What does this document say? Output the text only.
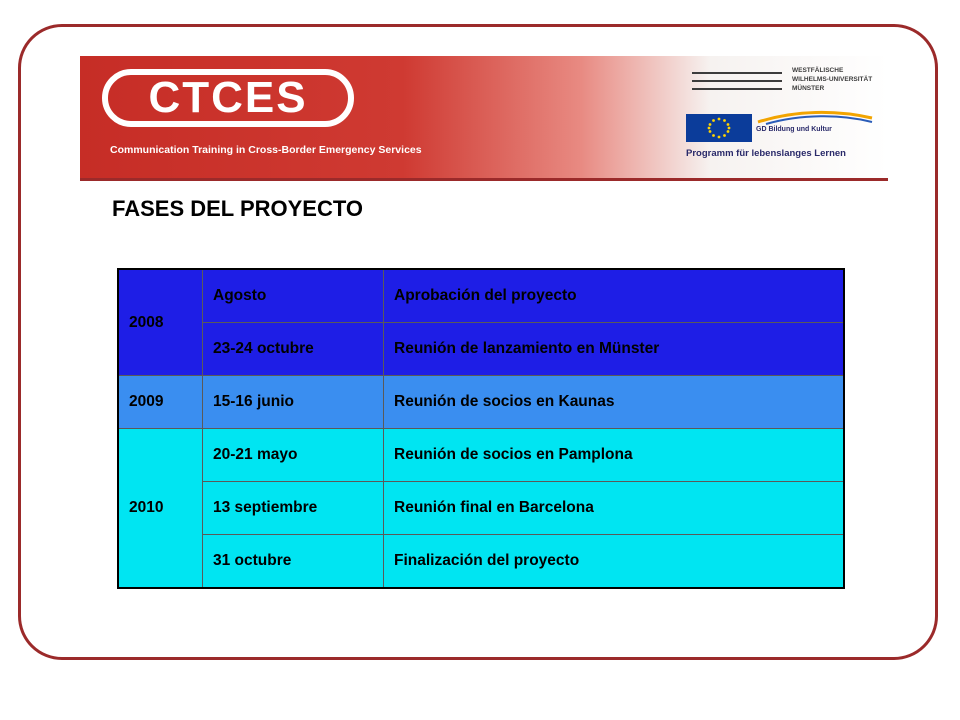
CTCES
Communication Training in Cross-Border Emergency Services
WESTFÄLISCHE
WILHELMS-UNIVERSITÄT
MÜNSTER
GD Bildung und Kultur
Programm für lebenslanges Lernen
FASES DEL PROYECTO
2008	Agosto	Aprobación del proyecto
	23-24 octubre	Reunión de lanzamiento en Münster
2009	15-16 junio	Reunión de socios en Kaunas
2010	20-21 mayo	Reunión de socios en Pamplona
	13 septiembre	Reunión final en Barcelona
	31 octubre	Finalización del proyecto
